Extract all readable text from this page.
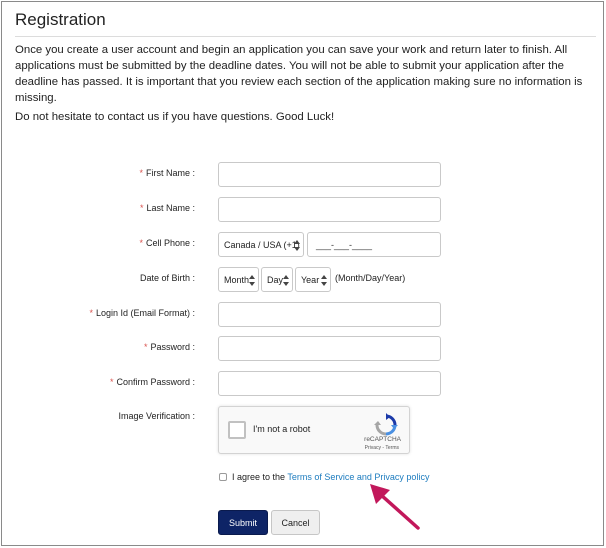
Registration
Once you create a user account and begin an application you can save your work and return later to finish. All applications must be submitted by the deadline dates. You will not be able to submit your application after the deadline has passed. It is important that you review each section of the application making sure no information is missing.
Do not hesitate to contact us if you have questions. Good Luck!
* First Name :
* Last Name :
* Cell Phone :	Canada / USA (+1)	___-___-____
Date of Birth :	Month Day Year (Month/Day/Year)
* Login Id (Email Format) :
* Password :
* Confirm Password :
Image Verification :
I'm not a robot
reCAPTCHA
Privacy - Terms
I agree to the Terms of Service and Privacy policy
Submit	Cancel
